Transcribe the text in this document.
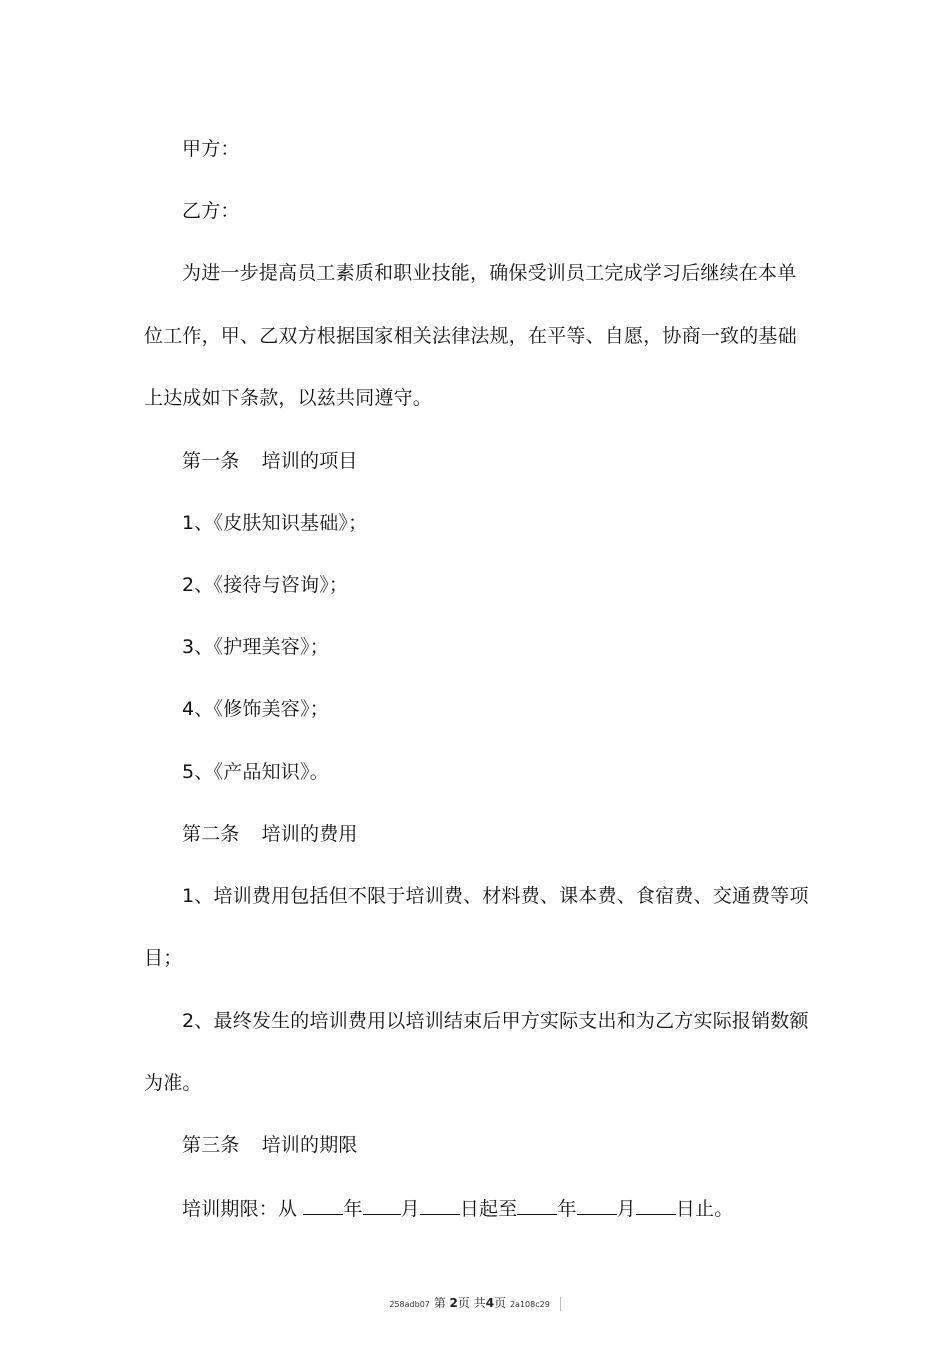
甲方：
乙方：
为进一步提高员工素质和职业技能，确保受训员工完成学习后继续在本单
位工作，甲、乙双方根据国家相关法律法规，在平等、自愿，协商一致的基础
上达成如下条款，以兹共同遵守。
第一条 培训的项目
1、《皮肤知识基础》；
2、《接待与咨询》；
3、《护理美容》；
4、《修饰美容》；
5、《产品知识》。
第二条 培训的费用
1、培训费用包括但不限于培训费、材料费、课本费、食宿费、交通费等项
目；
2、最终发生的培训费用以培训结束后甲方实际支出和为乙方实际报销数额
为准。
第三条 培训的期限
培训期限：从 年 月 日起至 年 月 日止。
258adb07 第 2页 共4页 2a108c29
